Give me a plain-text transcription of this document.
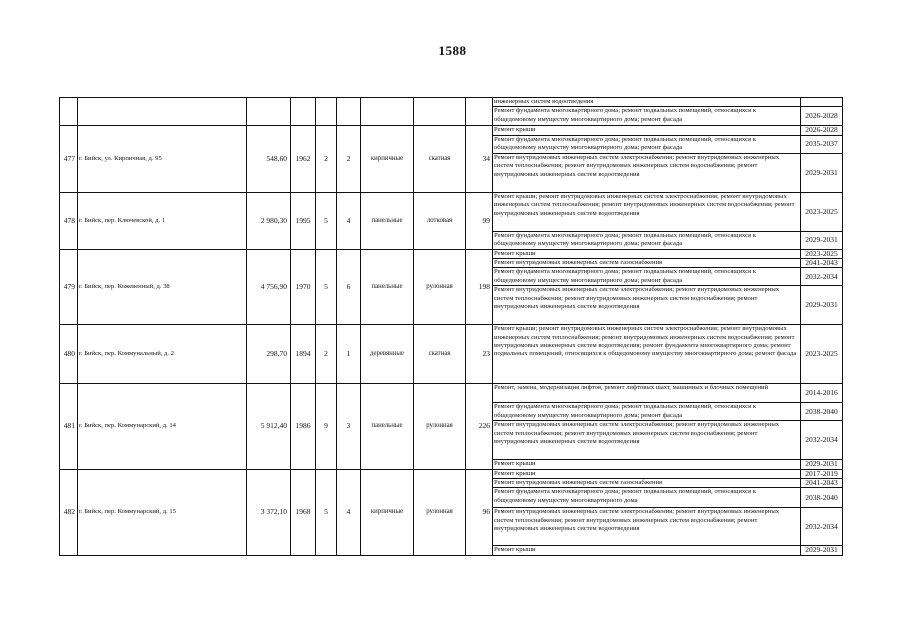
1588
									инженерных систем водоотведения	
									Ремонт фундамента многоквартирного дома; ремонт подвальных помещений, относящихся к общедомовому имуществу многоквартирного дома; ремонт фасада	2026-2028
477	г. Бийск, ул. Кирпичная, д. 95	548,60	1962	2	2	кирпичные	скатная	34	Ремонт крыши	2026-2028
									Ремонт фундамента многоквартирного дома; ремонт подвальных помещений, относящихся к общедомовому имуществу многоквартирного дома; ремонт фасада	2035-2037
									Ремонт внутридомовых инженерных систем электроснабжения; ремонт внутридомовых инженерных систем теплоснабжения; ремонт внутридомовых инженерных систем водоснабжения; ремонт внутридомовых инженерных систем водоотведения	2029-2031
478	г. Бийск, пер. Ключевской, д. 1	2 980,30	1995	5	4	панельные	лотковая	99	Ремонт крыши; ремонт внутридомовых инженерных систем электроснабжения; ремонт внутридомовых инженерных систем теплоснабжения; ремонт внутридомовых инженерных систем водоснабжения; ремонт внутридомовых инженерных систем водоотведения	2023-2025
									Ремонт фундамента многоквартирного дома; ремонт подвальных помещений, относящихся к общедомовому имуществу многоквартирного дома; ремонт фасада	2029-2031
479	г. Бийск, пер. Кожевенный, д. 38	4 756,90	1970	5	6	панельные	рулонная	198	Ремонт крыши	2023-2025
									Ремонт внутридомовых инженерных систем газоснабжения	2041-2043
									Ремонт фундамента многоквартирного дома; ремонт подвальных помещений, относящихся к общедомовому имуществу многоквартирного дома; ремонт фасада	2032-2034
									Ремонт внутридомовых инженерных систем электроснабжения; ремонт внутридомовых инженерных систем теплоснабжения; ремонт внутридомовых инженерных систем водоснабжения; ремонт внутридомовых инженерных систем водоотведения	2029-2031
480	г. Бийск, пер. Коммунальный, д. 2	298,70	1894	2	1	деревянные	скатная	23	Ремонт крыши; ремонт внутридомовых инженерных систем электроснабжения; ремонт внутридомовых инженерных систем теплоснабжения; ремонт внутридомовых инженерных систем водоснабжения; ремонт внутридомовых инженерных систем водоотведения; ремонт фундамента многоквартирного дома; ремонт подвальных помещений, относящихся к общедомовому имуществу многоквартирного дома; ремонт фасада	2023-2025
481	г. Бийск, пер. Коммунарский, д. 14	5 912,40	1986	9	3	панельные	рулонная	226	Ремонт, замена, модернизация лифтов, ремонт лифтовых шахт, машинных и блочных помещений	2014-2016
									Ремонт фундамента многоквартирного дома; ремонт подвальных помещений, относящихся к общедомовому имуществу многоквартирного дома; ремонт фасада	2038-2040
									Ремонт внутридомовых инженерных систем электроснабжения; ремонт внутридомовых инженерных систем теплоснабжения; ремонт внутридомовых инженерных систем водоснабжения; ремонт внутридомовых инженерных систем водоотведения	2032-2034
									Ремонт крыши	2029-2031
482	г. Бийск, пер. Коммунарский, д. 15	3 372,10	1968	5	4	кирпичные	рулонная	96	Ремонт крыши	2017-2019
									Ремонт внутридомовых инженерных систем газоснабжения	2041-2043
									Ремонт фундамента многоквартирного дома; ремонт подвальных помещений, относящихся к общедомовому имуществу многоквартирного дома	2038-2040
									Ремонт внутридомовых инженерных систем электроснабжения; ремонт внутридомовых инженерных систем теплоснабжения; ремонт внутридомовых инженерных систем водоснабжения; ремонт внутридомовых инженерных систем водоотведения	2032-2034
									Ремонт крыши	2029-2031
